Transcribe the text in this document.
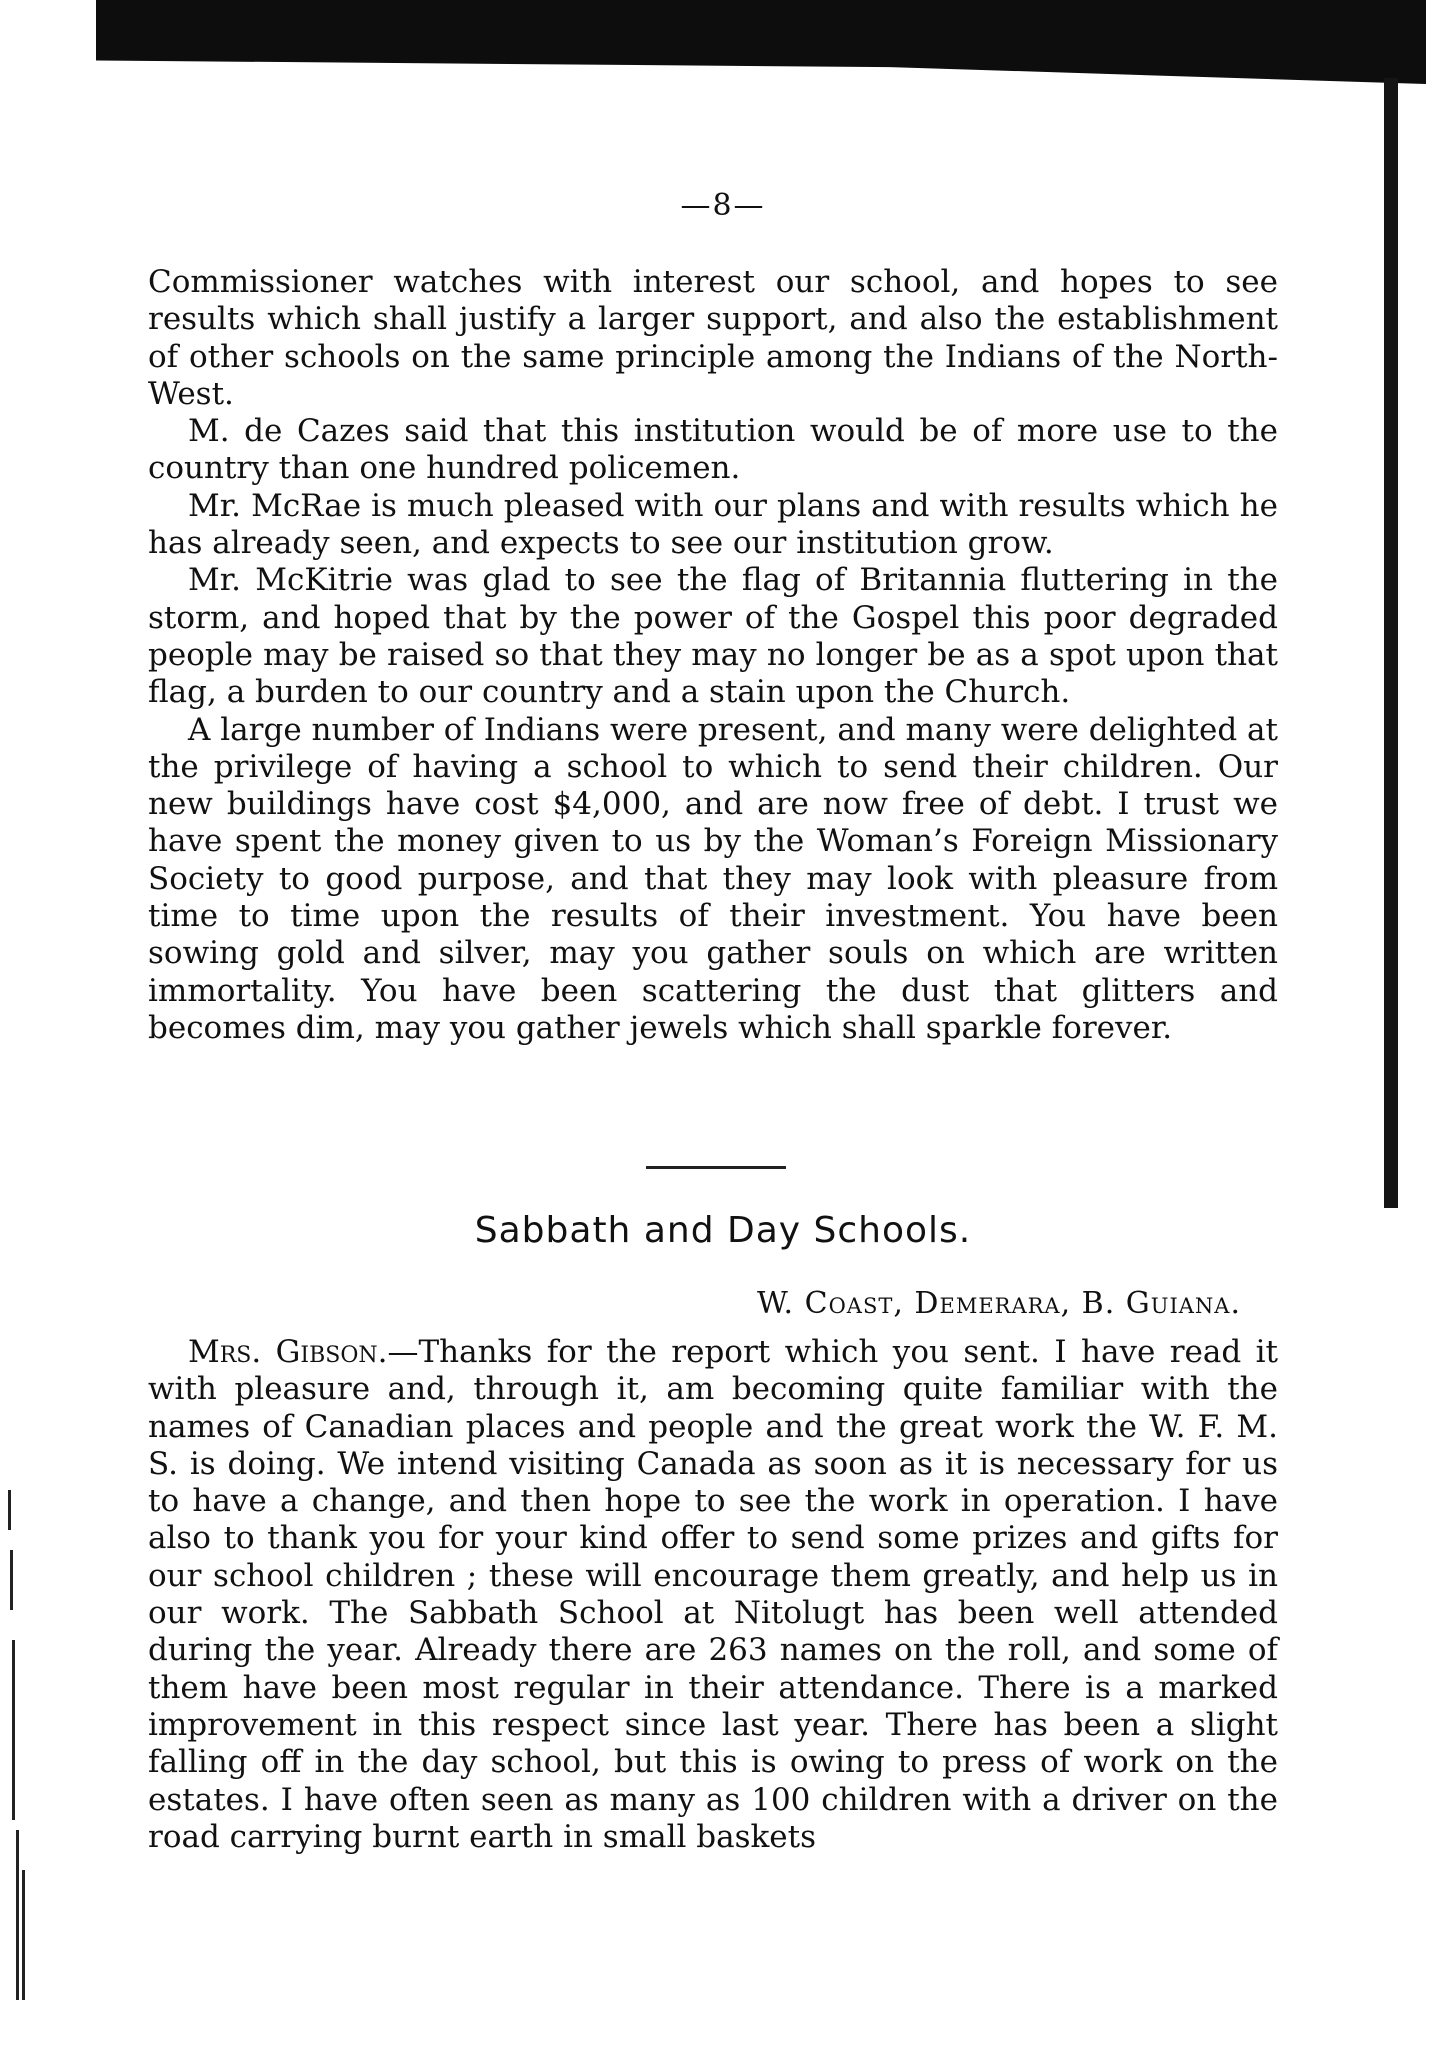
—8—

Commissioner watches with interest our school, and hopes to see results which shall justify a larger support, and also the establishment of other schools on the same principle among the Indians of the North-West.

M. de Cazes said that this institution would be of more use to the country than one hundred policemen.

Mr. McRae is much pleased with our plans and with results which he has already seen, and expects to see our institution grow.

Mr. McKitrie was glad to see the flag of Britannia fluttering in the storm, and hoped that by the power of the Gospel this poor degraded people may be raised so that they may no longer be as a spot upon that flag, a burden to our country and a stain upon the Church.

A large number of Indians were present, and many were delighted at the privilege of having a school to which to send their children. Our new buildings have cost $4,000, and are now free of debt. I trust we have spent the money given to us by the Woman’s Foreign Missionary Society to good purpose, and that they may look with pleasure from time to time upon the results of their investment. You have been sowing gold and silver, may you gather souls on which are written immortality. You have been scattering the dust that glitters and becomes dim, may you gather jewels which shall sparkle forever.

Sabbath and Day Schools.
W. Coast, Demerara, B. Guiana.

Mrs. Gibson.—Thanks for the report which you sent. I have read it with pleasure and, through it, am becoming quite familiar with the names of Canadian places and people and the great work the W. F. M. S. is doing. We intend visiting Canada as soon as it is necessary for us to have a change, and then hope to see the work in operation. I have also to thank you for your kind offer to send some prizes and gifts for our school children ; these will encourage them greatly, and help us in our work. The Sabbath School at Nitolugt has been well attended during the year. Already there are 263 names on the roll, and some of them have been most regular in their attendance. There is a marked improvement in this respect since last year. There has been a slight falling off in the day school, but this is owing to press of work on the estates. I have often seen as many as 100 children with a driver on the road carrying burnt earth in small baskets
